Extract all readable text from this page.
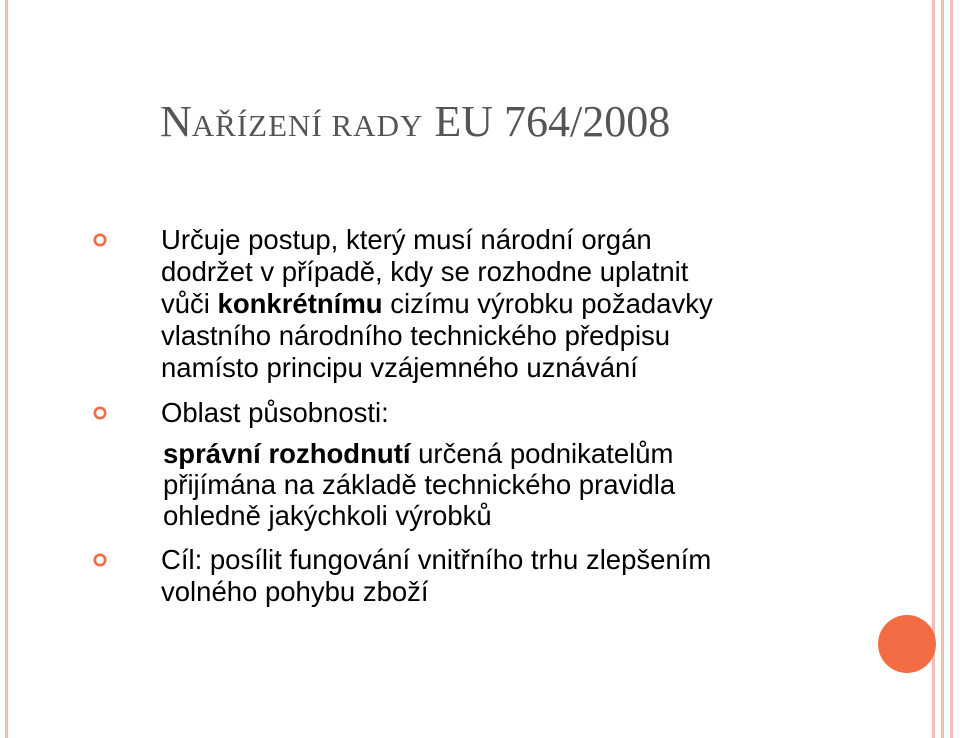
NAŘÍZENÍ RADY EU 764/2008
Určuje postup, který musí národní orgán
dodržet v případě, kdy se rozhodne uplatnit
vůči konkrétnímu cizímu výrobku požadavky
vlastního národního technického předpisu
namísto principu vzájemného uznávání
Oblast působnosti:
správní rozhodnutí určená podnikatelům
přijímána na základě technického pravidla
ohledně jakýchkoli výrobků
Cíl: posílit fungování vnitřního trhu zlepšením
volného pohybu zboží
